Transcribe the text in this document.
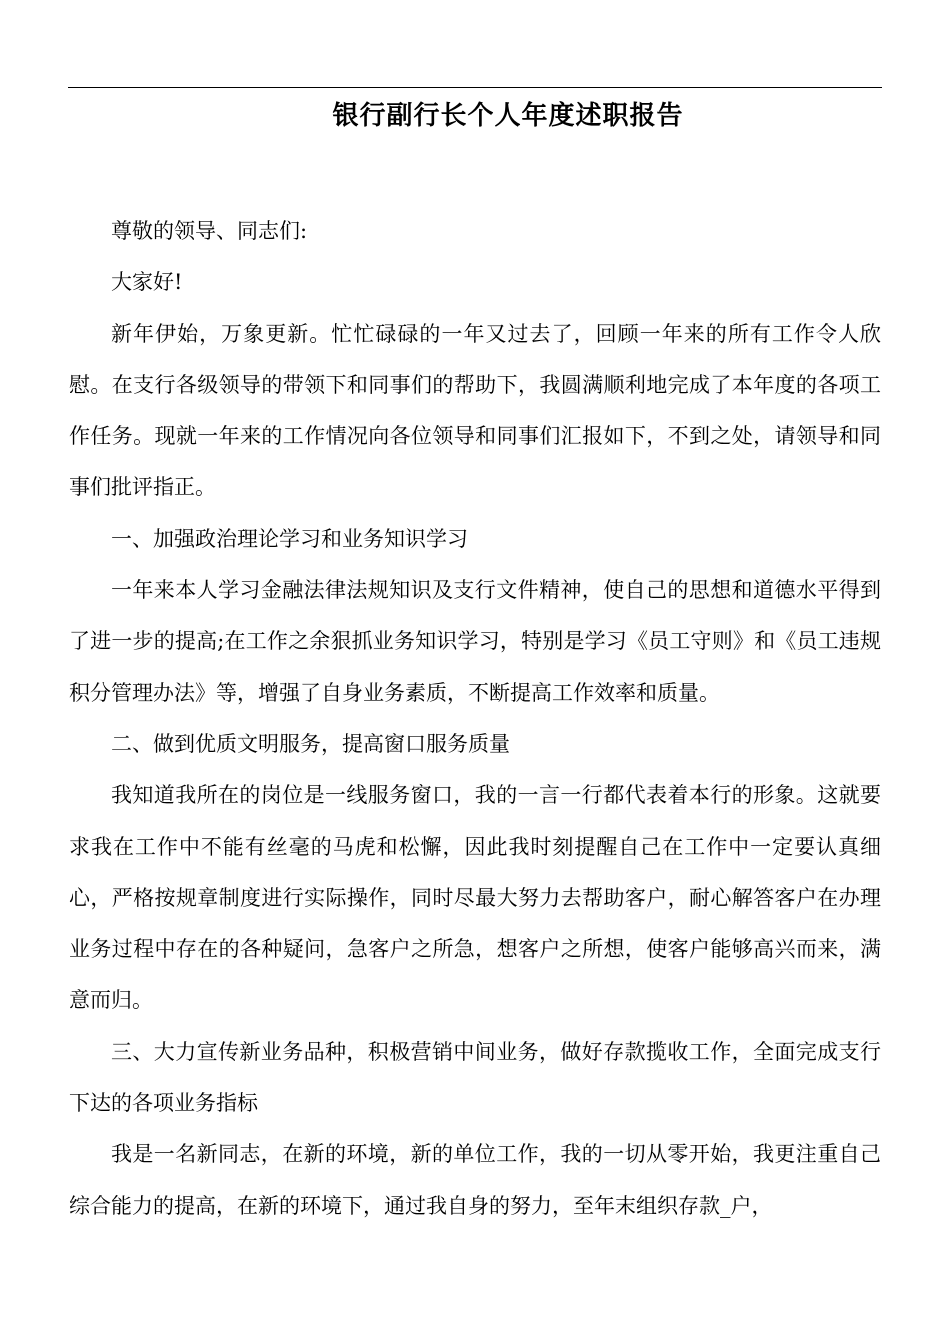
银行副行长个人年度述职报告

尊敬的领导、同志们:

大家好!

新年伊始，万象更新。忙忙碌碌的一年又过去了，回顾一年来的所有工作令人欣慰。在支行各级领导的带领下和同事们的帮助下，我圆满顺利地完成了本年度的各项工作任务。现就一年来的工作情况向各位领导和同事们汇报如下，不到之处，请领导和同事们批评指正。

一、加强政治理论学习和业务知识学习

一年来本人学习金融法律法规知识及支行文件精神，使自己的思想和道德水平得到了进一步的提高;在工作之余狠抓业务知识学习，特别是学习《员工守则》和《员工违规积分管理办法》等，增强了自身业务素质，不断提高工作效率和质量。

二、做到优质文明服务，提高窗口服务质量

我知道我所在的岗位是一线服务窗口，我的一言一行都代表着本行的形象。这就要求我在工作中不能有丝毫的马虎和松懈，因此我时刻提醒自己在工作中一定要认真细心，严格按规章制度进行实际操作，同时尽最大努力去帮助客户，耐心解答客户在办理业务过程中存在的各种疑问，急客户之所急，想客户之所想，使客户能够高兴而来，满意而归。

三、大力宣传新业务品种，积极营销中间业务，做好存款揽收工作，全面完成支行下达的各项业务指标

我是一名新同志，在新的环境，新的单位工作，我的一切从零开始，我更注重自己综合能力的提高，在新的环境下，通过我自身的努力，至年末组织存款_户，
